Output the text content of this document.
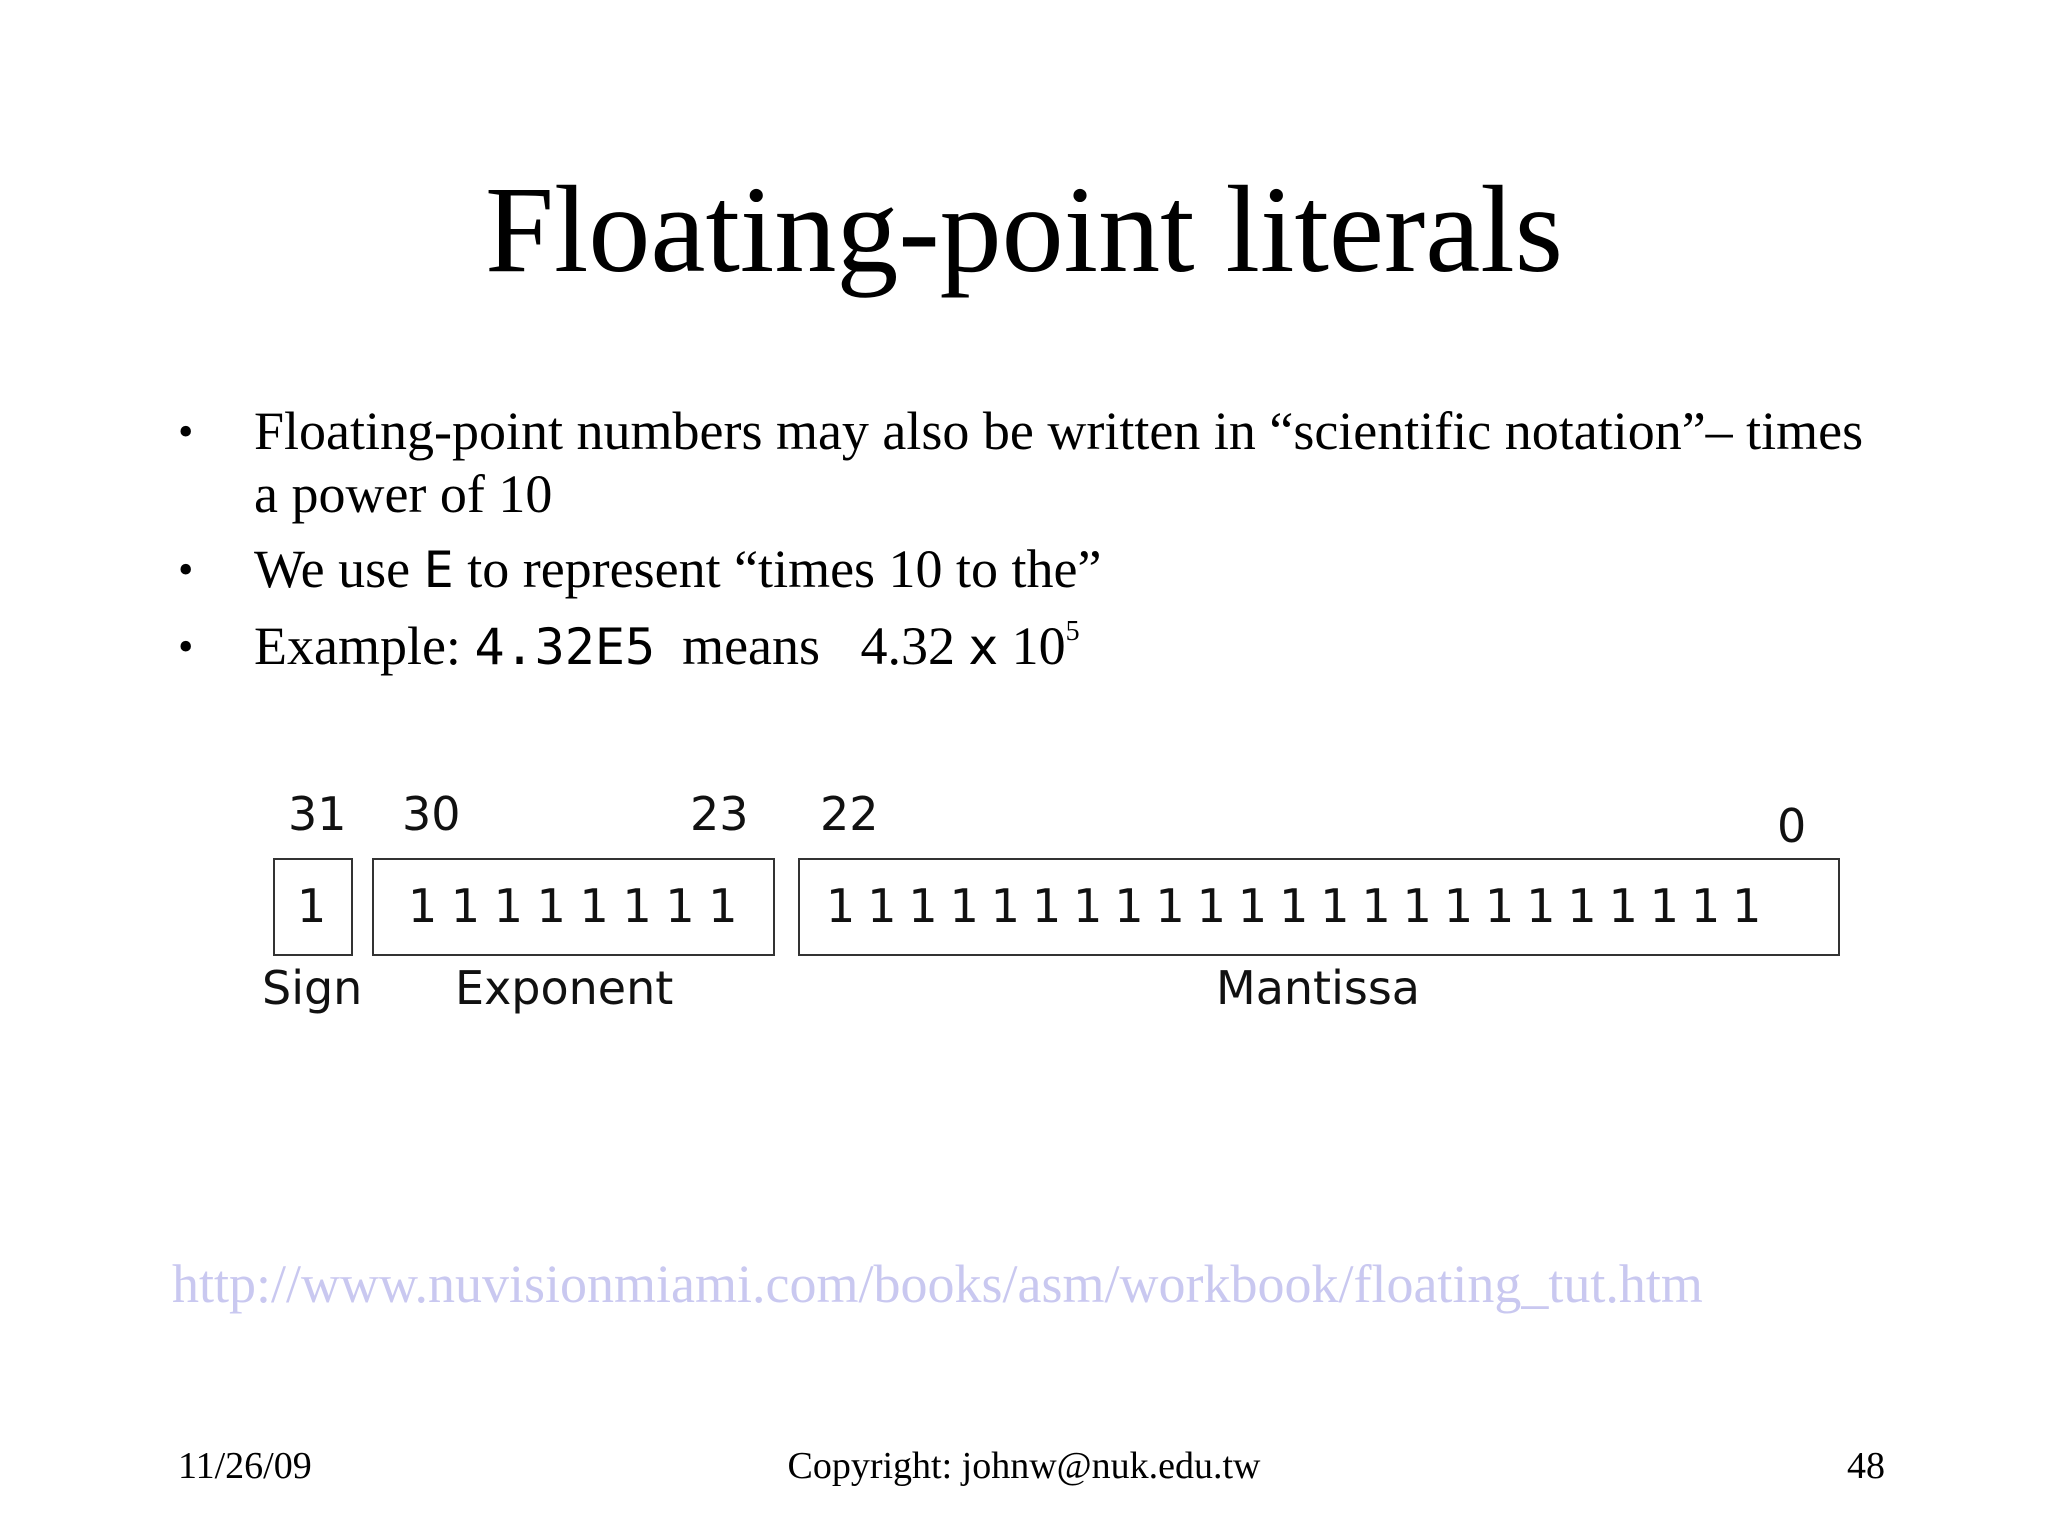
Floating-point literals
• Floating-point numbers may also be written in “scientific notation”– times a power of 10
• We use E to represent “times 10 to the”
• Example: 4.32E5  means   4.32 x $10^5$
31 30	23 22	0
1 1 1 1 1 1 1 1 1 1 1 1 1 1 1 1 1 1 1 1 1 1 1 1 1 1 1 1 1 1 1 1
Sign Exponent	Mantissa
http://www.nuvisionmiami.com/books/asm/workbook/floating_tut.htm
11/26/09	Copyright: johnw@nuk.edu.tw	48
